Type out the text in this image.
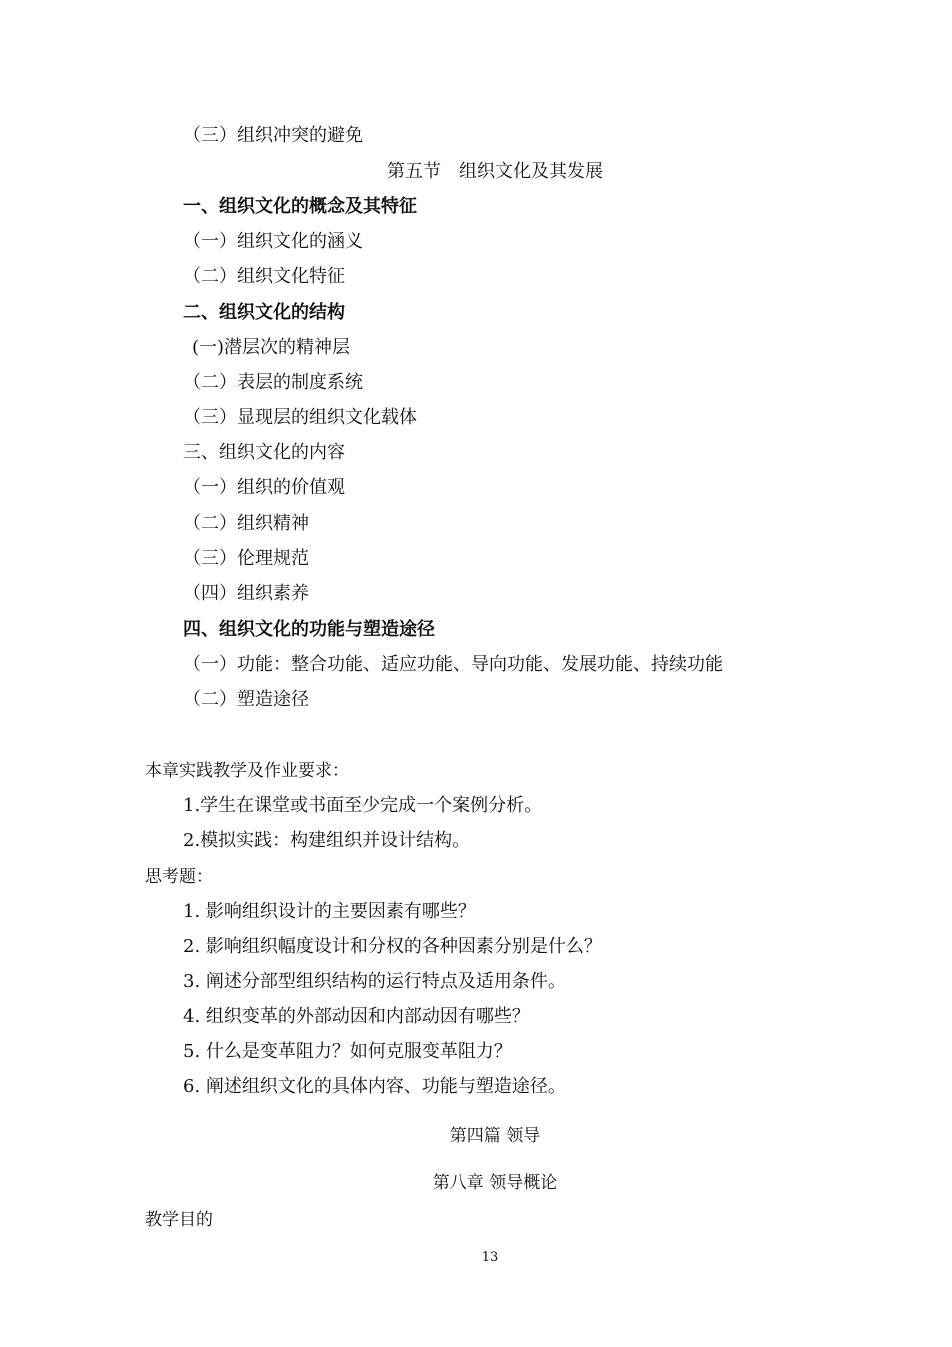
（三）组织冲突的避免
第五节　组织文化及其发展
一、组织文化的概念及其特征
（一）组织文化的涵义
（二）组织文化特征
二、组织文化的结构
(一)潜层次的精神层
（二）表层的制度系统
（三）显现层的组织文化载体
三、组织文化的内容
（一）组织的价值观
（二）组织精神
（三）伦理规范
（四）组织素养
四、组织文化的功能与塑造途径
（一）功能：整合功能、适应功能、导向功能、发展功能、持续功能
（二）塑造途径
本章实践教学及作业要求：
1.学生在课堂或书面至少完成一个案例分析。
2.模拟实践：构建组织并设计结构。
思考题：
1. 影响组织设计的主要因素有哪些？
2. 影响组织幅度设计和分权的各种因素分别是什么？
3. 阐述分部型组织结构的运行特点及适用条件。
4. 组织变革的外部动因和内部动因有哪些？
5. 什么是变革阻力？如何克服变革阻力？
6. 阐述组织文化的具体内容、功能与塑造途径。
第四篇 领导
第八章 领导概论
教学目的
13
